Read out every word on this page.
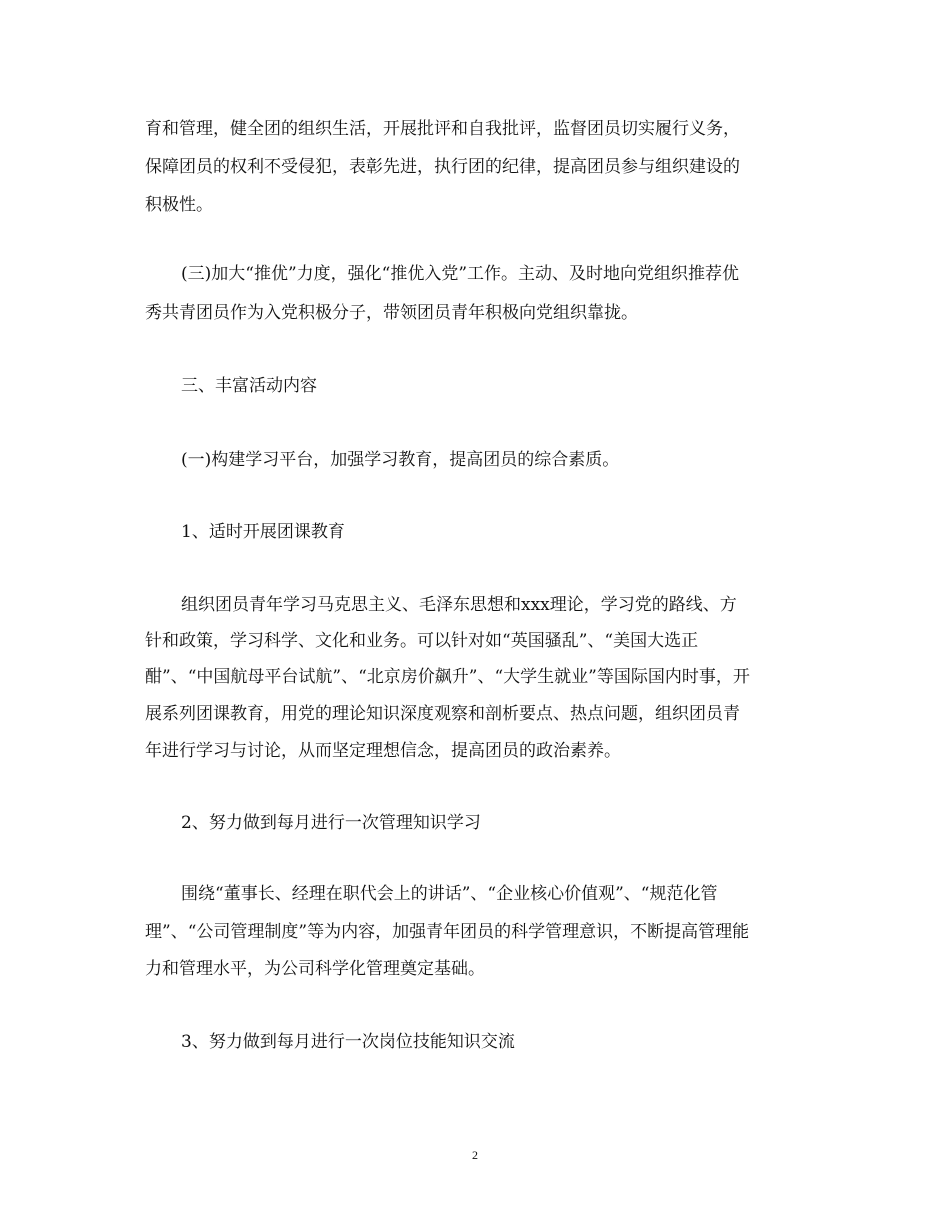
育和管理，健全团的组织生活，开展批评和自我批评，监督团员切实履行义务，

保障团员的权利不受侵犯，表彰先进，执行团的纪律，提高团员参与组织建设的

积极性。

(三)加大“推优”力度，强化“推优入党”工作。主动、及时地向党组织推荐优

秀共青团员作为入党积极分子，带领团员青年积极向党组织靠拢。

三、丰富活动内容

(一)构建学习平台，加强学习教育，提高团员的综合素质。

1、适时开展团课教育

组织团员青年学习马克思主义、毛泽东思想和xxx理论，学习党的路线、方

针和政策，学习科学、文化和业务。可以针对如“英国骚乱”、“美国大选正

酣”、“中国航母平台试航”、“北京房价飙升”、“大学生就业”等国际国内时事，开

展系列团课教育，用党的理论知识深度观察和剖析要点、热点问题，组织团员青

年进行学习与讨论，从而坚定理想信念，提高团员的政治素养。

2、努力做到每月进行一次管理知识学习

围绕“董事长、经理在职代会上的讲话”、“企业核心价值观”、“规范化管

理”、“公司管理制度”等为内容，加强青年团员的科学管理意识，不断提高管理能

力和管理水平，为公司科学化管理奠定基础。

3、努力做到每月进行一次岗位技能知识交流

2
